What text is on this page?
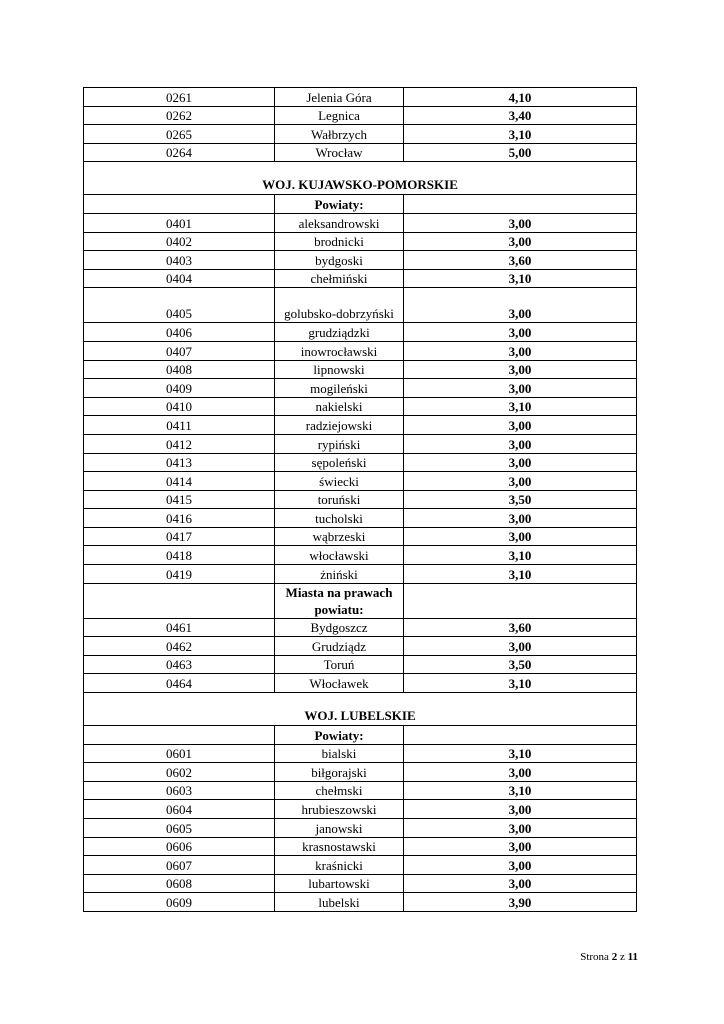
0261	Jelenia Góra	4,10
0262	Legnica	3,40
0265	Wałbrzych	3,10
0264	Wrocław	5,00
WOJ. KUJAWSKO-POMORSKIE		
	Powiaty:	
0401	aleksandrowski	3,00
0402	brodnicki	3,00
0403	bydgoski	3,60
0404	chełmiński	3,10
0405	golubsko-dobrzyński	3,00
0406	grudziądzki	3,00
0407	inowrocławski	3,00
0408	lipnowski	3,00
0409	mogileński	3,00
0410	nakielski	3,10
0411	radziejowski	3,00
0412	rypiński	3,00
0413	sępoleński	3,00
0414	świecki	3,00
0415	toruński	3,50
0416	tucholski	3,00
0417	wąbrzeski	3,00
0418	włocławski	3,10
0419	żniński	3,10
	Miasta na prawach powiatu:	
0461	Bydgoszcz	3,60
0462	Grudziądz	3,00
0463	Toruń	3,50
0464	Włocławek	3,10
WOJ. LUBELSKIE		
	Powiaty:	
0601	bialski	3,10
0602	biłgorajski	3,00
0603	chełmski	3,10
0604	hrubieszowski	3,00
0605	janowski	3,00
0606	krasnostawski	3,00
0607	kraśnicki	3,00
0608	lubartowski	3,00
0609	lubelski	3,90
Strona 2 z 11
